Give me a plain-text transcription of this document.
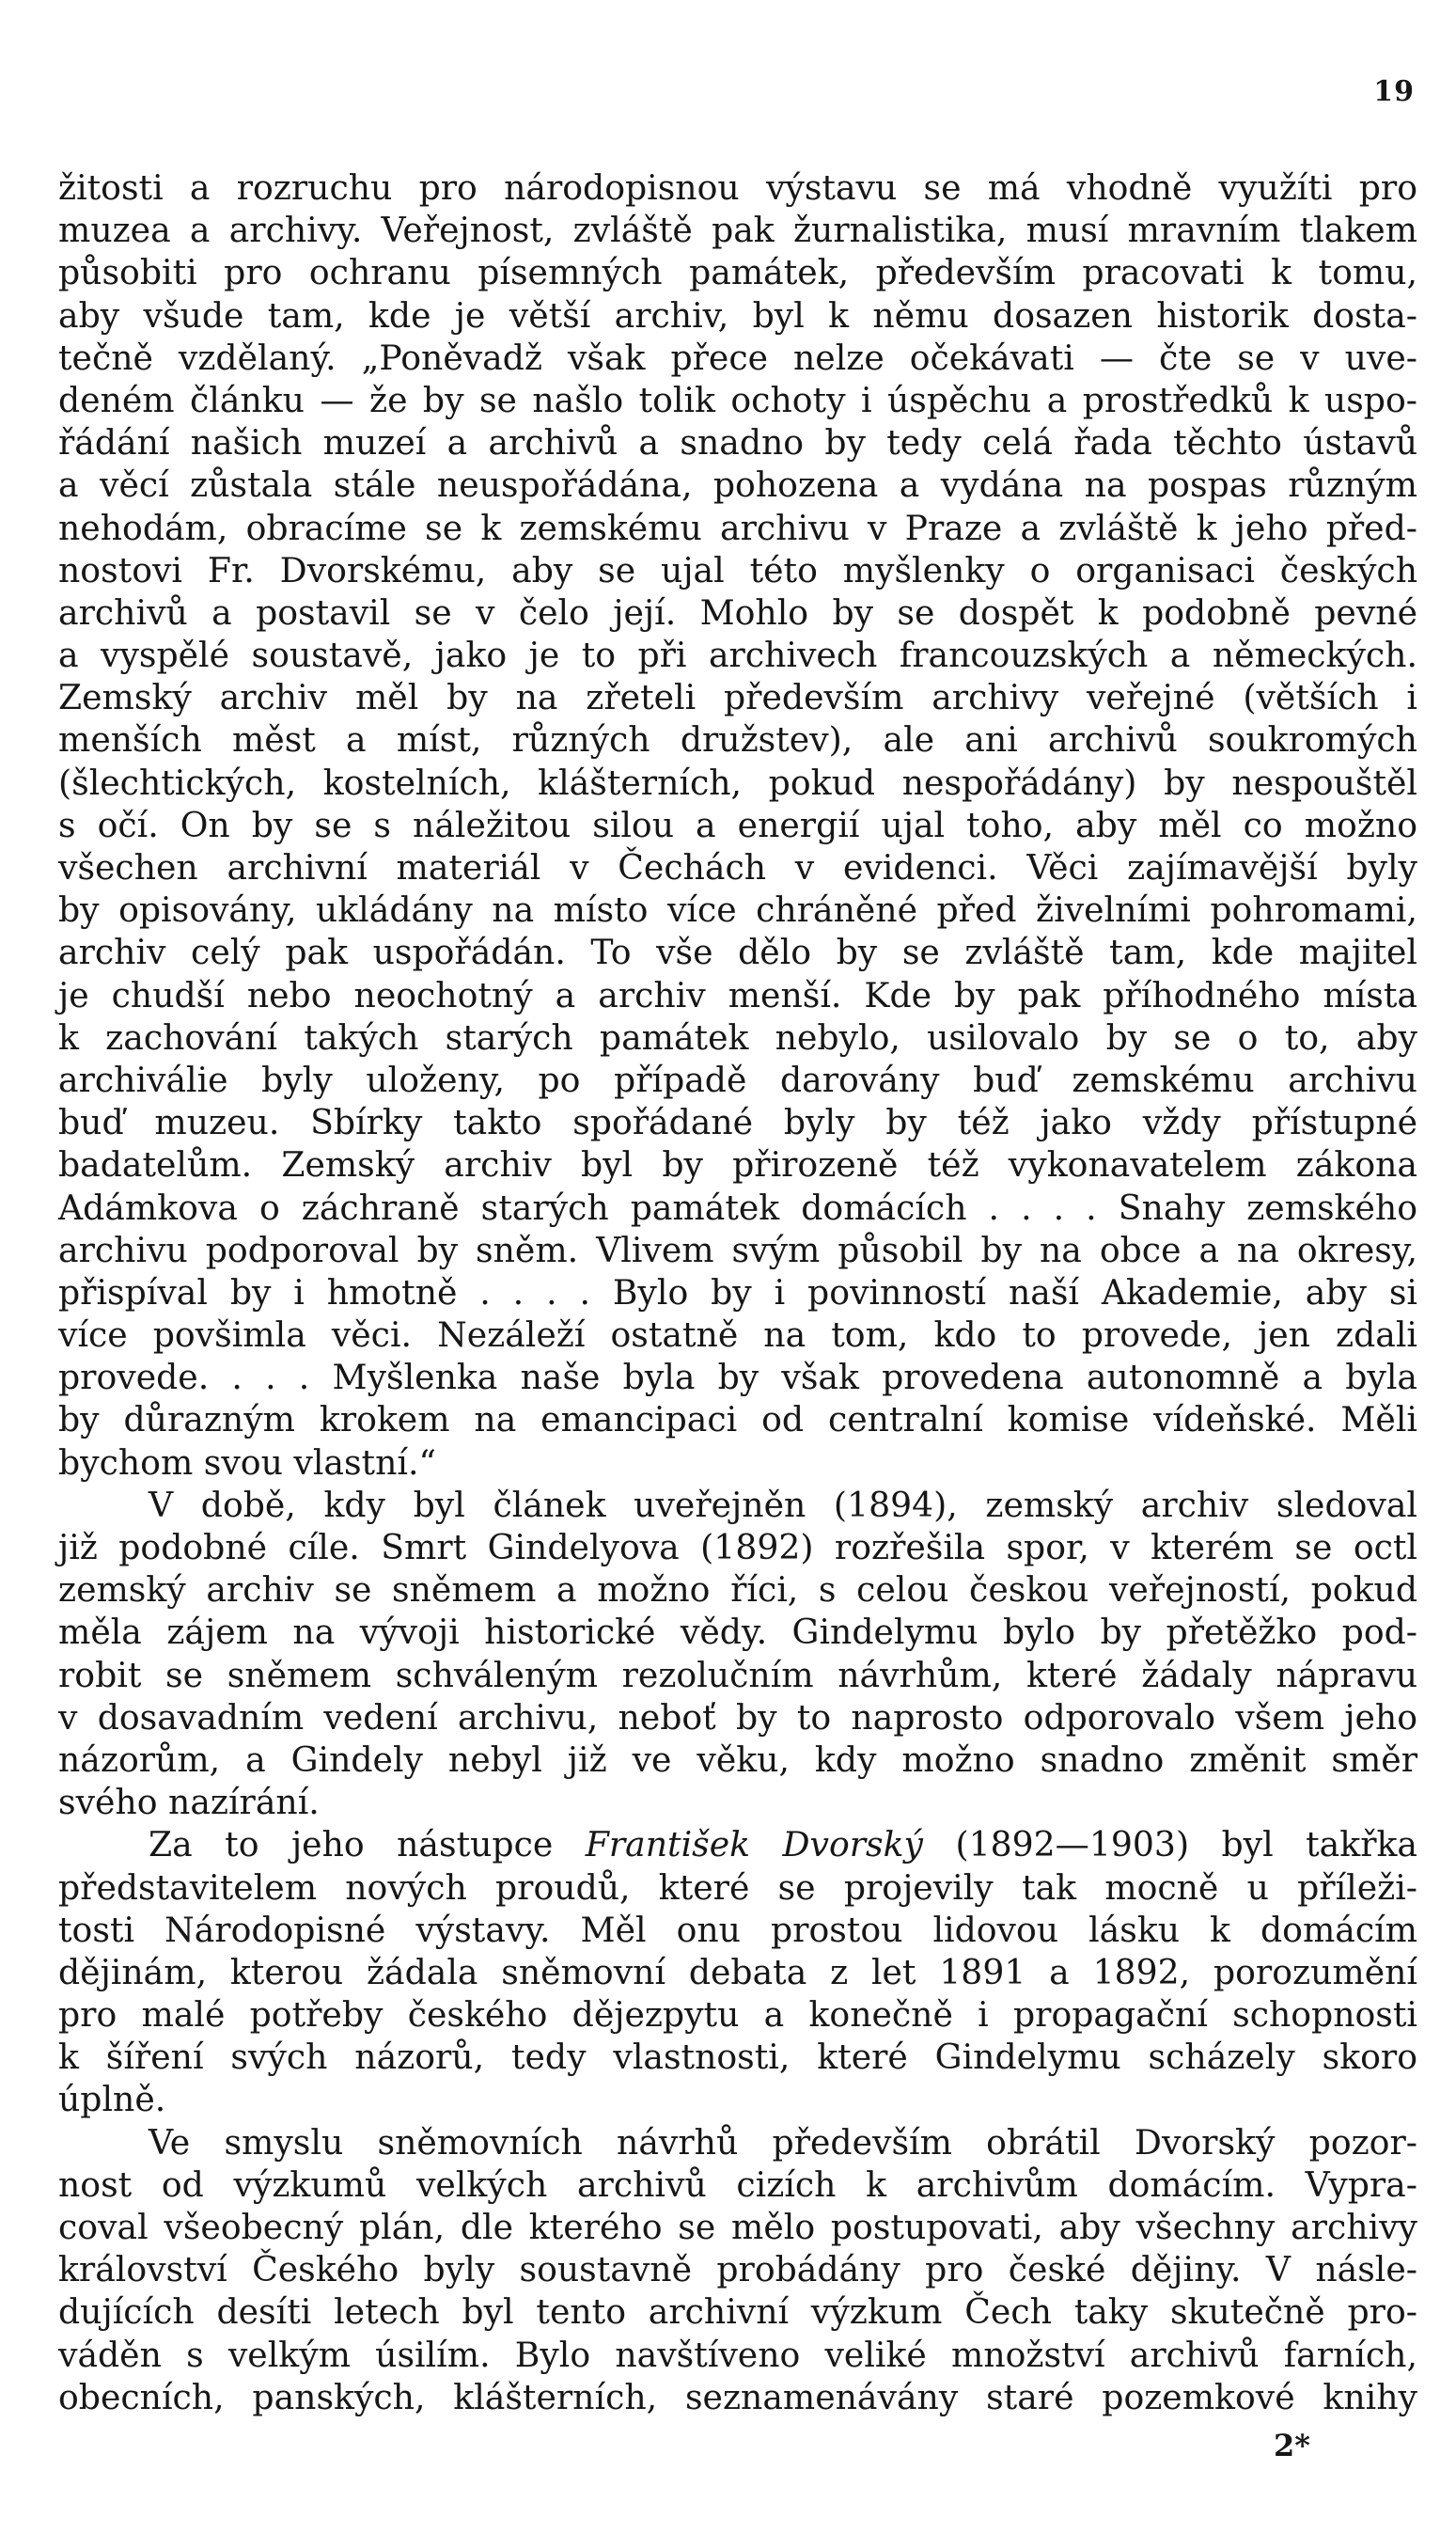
19
žitosti a rozruchu pro národopisnou výstavu se má vhodně využíti pro
muzea a archivy. Veřejnost, zvláště pak žurnalistika, musí mravním tlakem
působiti pro ochranu písemných památek, především pracovati k tomu,
aby všude tam, kde je větší archiv, byl k němu dosazen historik dosta-
tečně vzdělaný. „Poněvadž však přece nelze očekávati — čte se v uve-
deném článku — že by se našlo tolik ochoty i úspěchu a prostředků k uspo-
řádání našich muzeí a archivů a snadno by tedy celá řada těchto ústavů
a věcí zůstala stále neuspořádána, pohozena a vydána na pospas různým
nehodám, obracíme se k zemskému archivu v Praze a zvláště k jeho před-
nostovi Fr. Dvorskému, aby se ujal této myšlenky o organisaci českých
archivů a postavil se v čelo její. Mohlo by se dospět k podobně pevné
a vyspělé soustavě, jako je to při archivech francouzských a německých.
Zemský archiv měl by na zřeteli především archivy veřejné (větších i
menších měst a míst, různých družstev), ale ani archivů soukromých
(šlechtických, kostelních, klášterních, pokud nespořádány) by nespouštěl
s očí. On by se s náležitou silou a energií ujal toho, aby měl co možno
všechen archivní materiál v Čechách v evidenci. Věci zajímavější byly
by opisovány, ukládány na místo více chráněné před živelními pohromami,
archiv celý pak uspořádán. To vše dělo by se zvláště tam, kde majitel
je chudší nebo neochotný a archiv menší. Kde by pak příhodného místa
k zachování takých starých památek nebylo, usilovalo by se o to, aby
archiválie byly uloženy, po případě darovány buď zemskému archivu
buď muzeu. Sbírky takto spořádané byly by též jako vždy přístupné
badatelům. Zemský archiv byl by přirozeně též vykonavatelem zákona
Adámkova o záchraně starých památek domácích . . . . Snahy zemského
archivu podporoval by sněm. Vlivem svým působil by na obce a na okresy,
přispíval by i hmotně . . . . Bylo by i povinností naší Akademie, aby si
více povšimla věci. Nezáleží ostatně na tom, kdo to provede, jen zdali
provede. . . . Myšlenka naše byla by však provedena autonomně a byla
by důrazným krokem na emancipaci od centralní komise vídeňské. Měli
bychom svou vlastní.“
V době, kdy byl článek uveřejněn (1894), zemský archiv sledoval
již podobné cíle. Smrt Gindelyova (1892) rozřešila spor, v kterém se octl
zemský archiv se sněmem a možno říci, s celou českou veřejností, pokud
měla zájem na vývoji historické vědy. Gindelymu bylo by přetěžko pod-
robit se sněmem schváleným rezolučním návrhům, které žádaly nápravu
v dosavadním vedení archivu, neboť by to naprosto odporovalo všem jeho
názorům, a Gindely nebyl již ve věku, kdy možno snadno změnit směr
svého nazírání.
Za to jeho nástupce František Dvorský (1892—1903) byl takřka
představitelem nových proudů, které se projevily tak mocně u příleži-
tosti Národopisné výstavy. Měl onu prostou lidovou lásku k domácím
dějinám, kterou žádala sněmovní debata z let 1891 a 1892, porozumění
pro malé potřeby českého dějezpytu a konečně i propagační schopnosti
k šíření svých názorů, tedy vlastnosti, které Gindelymu scházely skoro
úplně.
Ve smyslu sněmovních návrhů především obrátil Dvorský pozor-
nost od výzkumů velkých archivů cizích k archivům domácím. Vypra-
coval všeobecný plán, dle kterého se mělo postupovati, aby všechny archivy
království Českého byly soustavně probádány pro české dějiny. V násle-
dujících desíti letech byl tento archivní výzkum Čech taky skutečně pro-
váděn s velkým úsilím. Bylo navštíveno veliké množství archivů farních,
obecních, panských, klášterních, seznamenávány staré pozemkové knihy
2*
